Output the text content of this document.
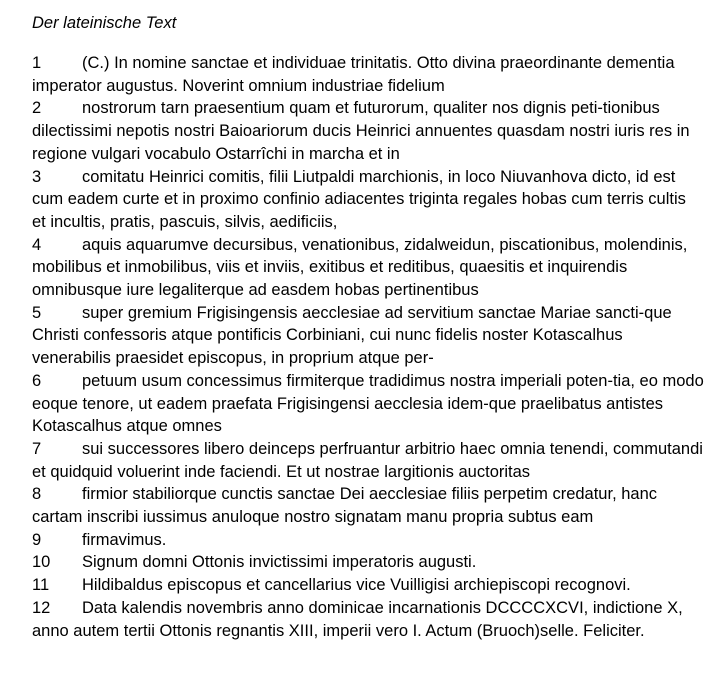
Der lateinische Text

1 (C.) In nomine sanctae et individuae trinitatis. Otto divina praeordinante dementia imperator augustus. Noverint omnium industriae fidelium

2 nostrorum tarn praesentium quam et futurorum, qualiter nos dignis peti-tionibus dilectissimi nepotis nostri Baioariorum ducis Heinrici annuentes quasdam nostri iuris res in regione vulgari vocabulo Ostarrîchi in marcha et in

3 comitatu Heinrici comitis, filii Liutpaldi marchionis, in loco Niuvanhova dicto, id est cum eadem curte et in proximo confinio adiacentes triginta regales hobas cum terris cultis et incultis, pratis, pascuis, silvis, aedificiis,

4 aquis aquarumve decursibus, venationibus, zidalweidun, piscationibus, molendinis, mobilibus et inmobilibus, viis et inviis, exitibus et reditibus, quaesitis et inquirendis omnibusque iure legaliterque ad easdem hobas pertinentibus

5 super gremium Frigisingensis aecclesiae ad servitium sanctae Mariae sancti-que Christi confessoris atque pontificis Corbiniani, cui nunc fidelis noster Kotascalhus venerabilis praesidet episcopus, in proprium atque per-

6 petuum usum concessimus firmiterque tradidimus nostra imperiali poten-tia, eo modo eoque tenore, ut eadem praefata Frigisingensi aecclesia idem-que praelibatus antistes Kotascalhus atque omnes

7 sui successores libero deinceps perfruantur arbitrio haec omnia tenendi, commutandi et quidquid voluerint inde faciendi. Et ut nostrae largitionis auctoritas

8 firmior stabiliorque cunctis sanctae Dei aecclesiae filiis perpetim credatur, hanc cartam inscribi iussimus anuloque nostro signatam manu propria subtus eam

9 firmavimus.

10 Signum domni Ottonis invictissimi imperatoris augusti.

11 Hildibaldus episcopus et cancellarius vice Vuilligisi archiepiscopi recognovi.

12 Data kalendis novembris anno dominicae incarnationis DCCCCXCVI, indictione X, anno autem tertii Ottonis regnantis XIII, imperii vero I. Actum (Bruoch)selle. Feliciter.
